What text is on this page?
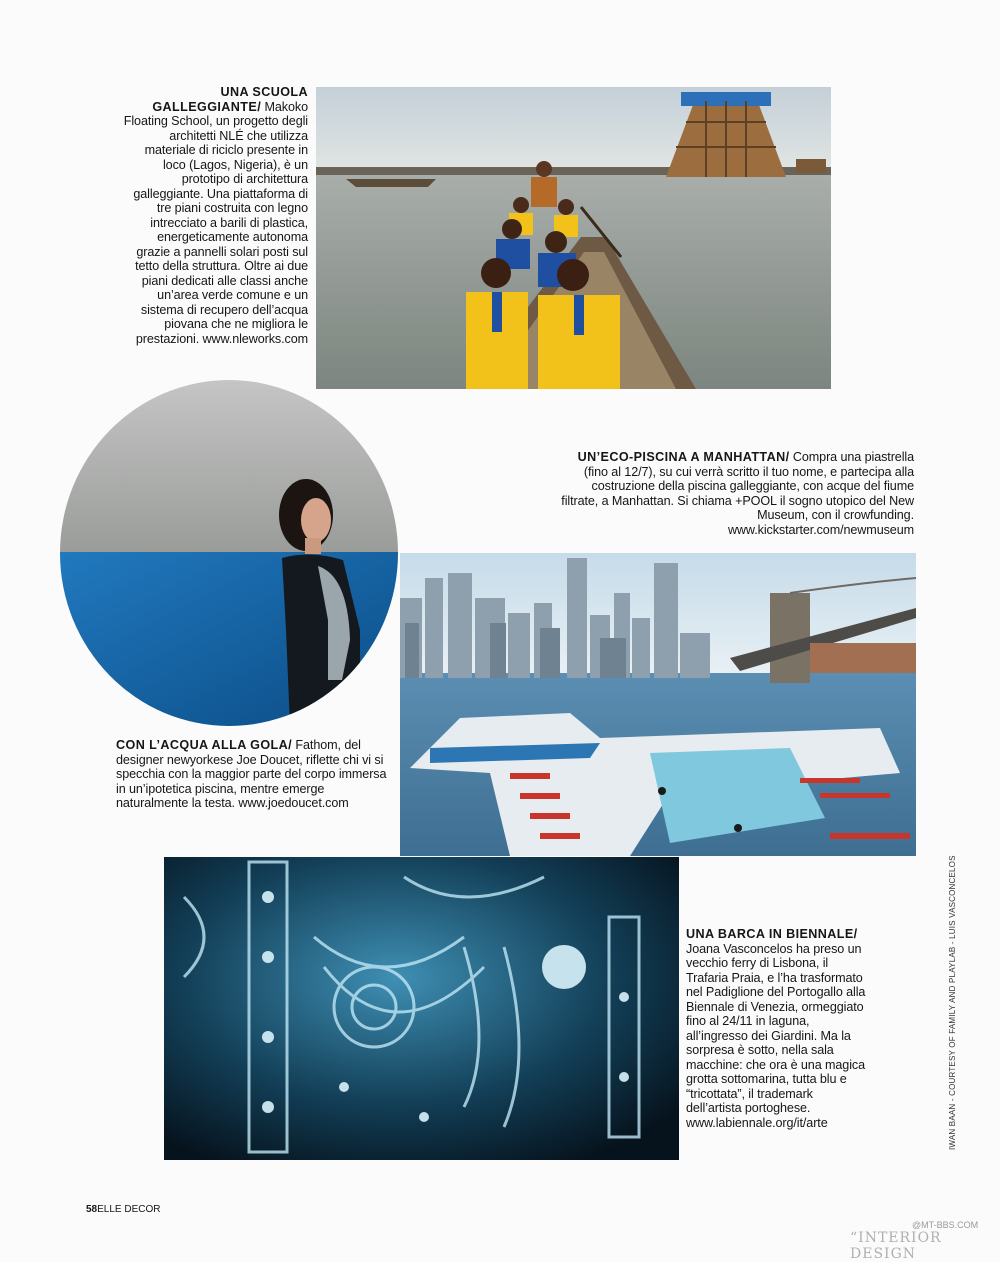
UNA SCUOLA GALLEGGIANTE/ Makoko Floating School, un progetto degli architetti NLÉ che utilizza materiale di riciclo presente in loco (Lagos, Nigeria), è un prototipo di architettura galleggiante. Una piattaforma di tre piani costruita con legno intrecciato a barili di plastica, energeticamente autonoma grazie a pannelli solari posti sul tetto della struttura. Oltre ai due piani dedicati alle classi anche un’area verde comune e un sistema di recupero dell’acqua piovana che ne migliora le prestazioni. www.nleworks.com
UN’ECO-PISCINA A MANHATTAN/ Compra una piastrella (fino al 12/7), su cui verrà scritto il tuo nome, e partecipa alla costruzione della piscina galleggiante, con acque del fiume filtrate, a Manhattan. Si chiama +POOL il sogno utopico del New Museum, con il crowfunding.
www.kickstarter.com/newmuseum
CON L’ACQUA ALLA GOLA/ Fathom, del designer newyorkese Joe Doucet, riflette chi vi si specchia con la maggior parte del corpo immersa in un’ipotetica piscina, mentre emerge naturalmente la testa. www.joedoucet.com
UNA BARCA IN BIENNALE/ Joana Vasconcelos ha preso un vecchio ferry di Lisbona, il Trafaria Praia, e l’ha trasformato nel Padiglione del Portogallo alla Biennale di Venezia, ormeggiato fino al 24/11 in laguna, all’ingresso dei Giardini. Ma la sorpresa è sotto, nella sala macchine: che ora è una magica grotta sottomarina, tutta blu e “tricottata”, il trademark dell’artista portoghese. www.labiennale.org/it/arte	IWAN BAAN - COURTESY OF FAMILY AND PLAYLAB - LUIS VASCONCELOS
58ELLE DECOR
@MT-BBS.COM
“INTERIOR DESIGN
